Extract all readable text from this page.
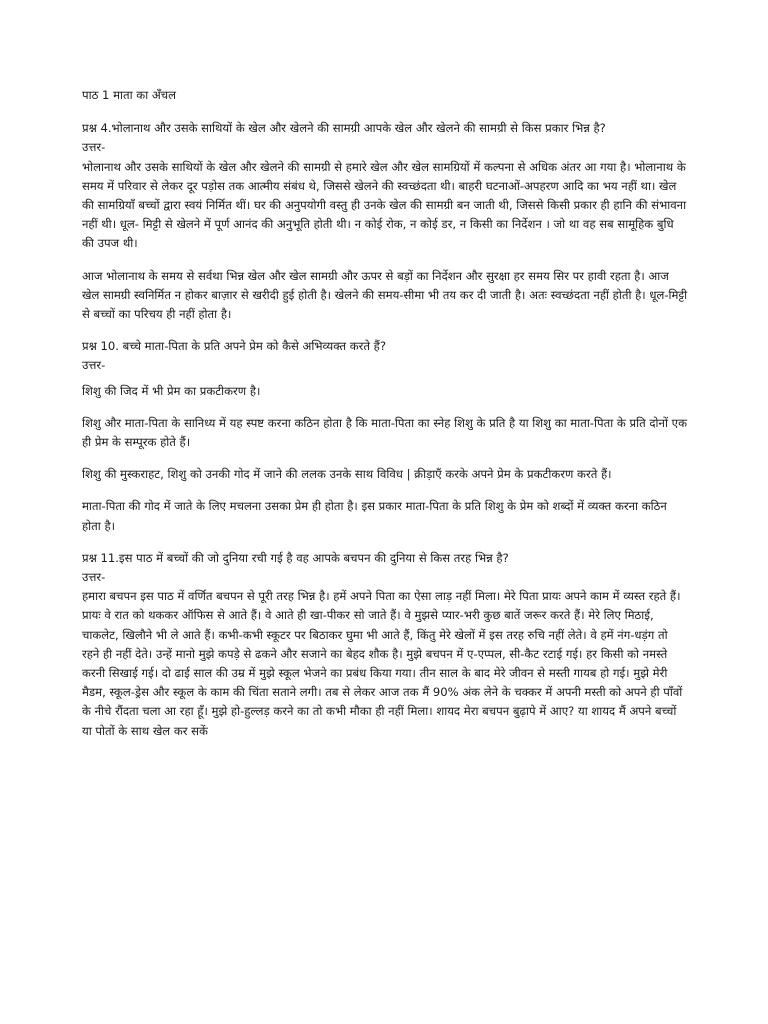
पाठ 1 माता का अँचल

प्रश्न 4.भोलानाथ और उसके साथियों के खेल और खेलने की सामग्री आपके खेल और खेलने की सामग्री से किस प्रकार भिन्न है?

उत्तर-

भोलानाथ और उसके साथियों के खेल और खेलने की सामग्री से हमारे खेल और खेल सामग्रियों में कल्पना से अधिक अंतर आ गया है। भोलानाथ के समय में परिवार से लेकर दूर पड़ोस तक आत्मीय संबंध थे, जिससे खेलने की स्वच्छंदता थी। बाहरी घटनाओं-अपहरण आदि का भय नहीं था। खेल की सामग्रियाँ बच्चों द्वारा स्वयं निर्मित थीं। घर की अनुपयोगी वस्तु ही उनके खेल की सामग्री बन जाती थी, जिससे किसी प्रकार ही हानि की संभावना नहीं थी। धूल- मिट्टी से खेलने में पूर्ण आनंद की अनुभूति होती थी। न कोई रोक, न कोई डर, न किसी का निर्देशन । जो था वह सब सामूहिक बुधि की उपज थी।

आज भोलानाथ के समय से सर्वथा भिन्न खेल और खेल सामग्री और ऊपर से बड़ों का निर्देशन और सुरक्षा हर समय सिर पर हावी रहता है। आज खेल सामग्री स्वनिर्मित न होकर बाज़ार से खरीदी हुई होती है। खेलने की समय-सीमा भी तय कर दी जाती है। अतः स्वच्छंदता नहीं होती है। धूल-मिट्टी से बच्चों का परिचय ही नहीं होता है।

प्रश्न 10. बच्चे माता-पिता के प्रति अपने प्रेम को कैसे अभिव्यक्त करते हैं?

उत्तर-

शिशु की जिद में भी प्रेम का प्रकटीकरण है।

शिशु और माता-पिता के सानिध्य में यह स्पष्ट करना कठिन होता है कि माता-पिता का स्नेह शिशु के प्रति है या शिशु का माता-पिता के प्रति दोनों एक ही प्रेम के सम्पूरक होते हैं।

शिशु की मुस्कराहट, शिशु को उनकी गोद में जाने की ललक उनके साथ विविध | क्रीड़ाएँ करके अपने प्रेम के प्रकटीकरण करते हैं।

माता-पिता की गोद में जाते के लिए मचलना उसका प्रेम ही होता है। इस प्रकार माता-पिता के प्रति शिशु के प्रेम को शब्दों में व्यक्त करना कठिन होता है।

प्रश्न 11.इस पाठ में बच्चों की जो दुनिया रची गई है वह आपके बचपन की दुनिया से किस तरह भिन्न है?

उत्तर-

हमारा बचपन इस पाठ में वर्णित बचपन से पूरी तरह भिन्न है। हमें अपने पिता का ऐसा लाड़ नहीं मिला। मेरे पिता प्रायः अपने काम में व्यस्त रहते हैं। प्रायः वे रात को थककर ऑफिस से आते हैं। वे आते ही खा-पीकर सो जाते हैं। वे मुझसे प्यार-भरी कुछ बातें जरूर करते हैं। मेरे लिए मिठाई, चाकलेट, खिलौने भी ले आते हैं। कभी-कभी स्कूटर पर बिठाकर घुमा भी आते हैं, किंतु मेरे खेलों में इस तरह रुचि नहीं लेते। वे हमें नंग-धड़ंग तो रहने ही नहीं देते। उन्हें मानो मुझे कपड़े से ढकने और सजाने का बेहद शौक है। मुझे बचपन में ए-एप्पल, सी-कैट रटाई गई। हर किसी को नमस्ते करनी सिखाई गई। दो ढाई साल की उम्र में मुझे स्कूल भेजने का प्रबंध किया गया। तीन साल के बाद मेरे जीवन से मस्ती गायब हो गई। मुझे मेरी मैडम, स्कूल-ड्रेस और स्कूल के काम की चिंता सताने लगी। तब से लेकर आज तक मैं 90% अंक लेने के चक्कर में अपनी मस्ती को अपने ही पाँवों के नीचे रौंदता चला आ रहा हूँ। मुझे हो-हुल्लड़ करने का तो कभी मौका ही नहीं मिला। शायद मेरा बचपन बुढ़ापे में आए? या शायद मैं अपने बच्चों या पोतों के साथ खेल कर सकें
